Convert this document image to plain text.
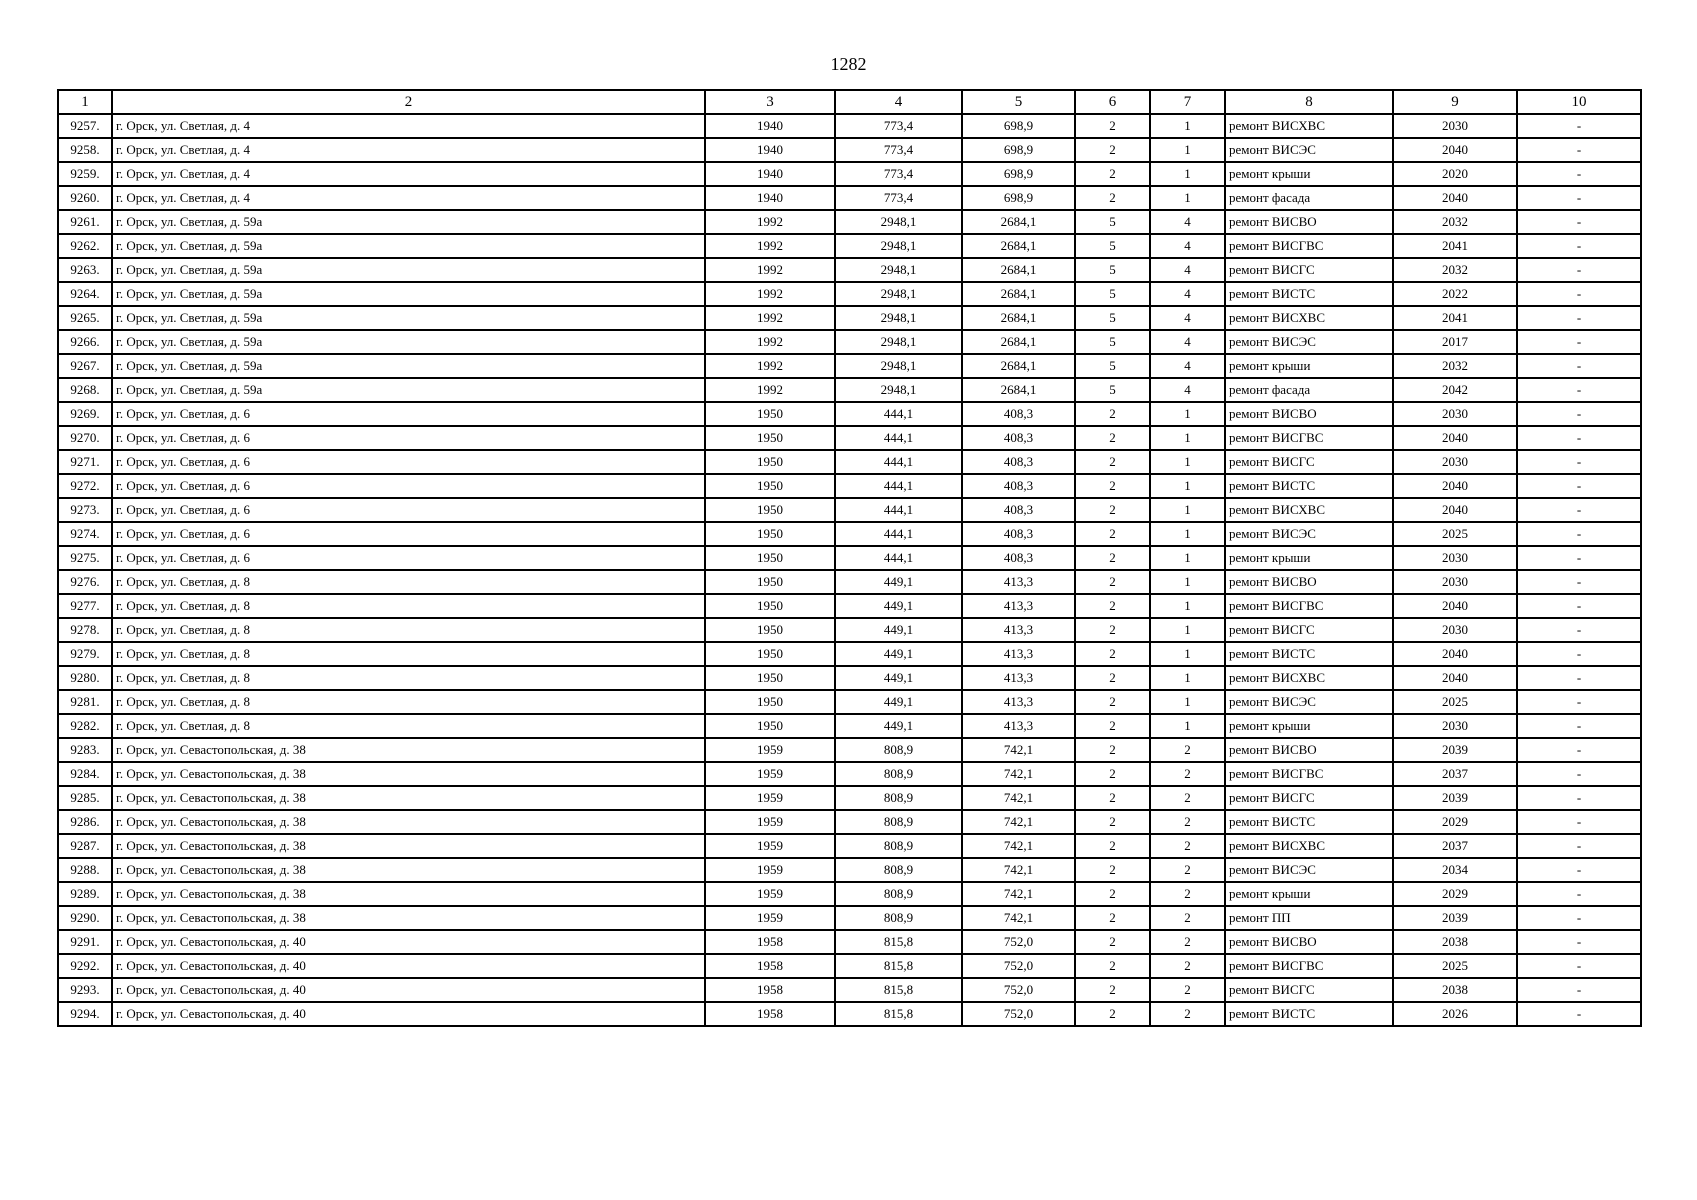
1282
1	2	3	4	5	6	7	8	9	10
9257.	г. Орск, ул. Светлая, д. 4	1940	773,4	698,9	2	1	ремонт ВИСХВС	2030	-
9258.	г. Орск, ул. Светлая, д. 4	1940	773,4	698,9	2	1	ремонт ВИСЭС	2040	-
9259.	г. Орск, ул. Светлая, д. 4	1940	773,4	698,9	2	1	ремонт крыши	2020	-
9260.	г. Орск, ул. Светлая, д. 4	1940	773,4	698,9	2	1	ремонт фасада	2040	-
9261.	г. Орск, ул. Светлая, д. 59а	1992	2948,1	2684,1	5	4	ремонт ВИСВО	2032	-
9262.	г. Орск, ул. Светлая, д. 59а	1992	2948,1	2684,1	5	4	ремонт ВИСГВС	2041	-
9263.	г. Орск, ул. Светлая, д. 59а	1992	2948,1	2684,1	5	4	ремонт ВИСГС	2032	-
9264.	г. Орск, ул. Светлая, д. 59а	1992	2948,1	2684,1	5	4	ремонт ВИСТС	2022	-
9265.	г. Орск, ул. Светлая, д. 59а	1992	2948,1	2684,1	5	4	ремонт ВИСХВС	2041	-
9266.	г. Орск, ул. Светлая, д. 59а	1992	2948,1	2684,1	5	4	ремонт ВИСЭС	2017	-
9267.	г. Орск, ул. Светлая, д. 59а	1992	2948,1	2684,1	5	4	ремонт крыши	2032	-
9268.	г. Орск, ул. Светлая, д. 59а	1992	2948,1	2684,1	5	4	ремонт фасада	2042	-
9269.	г. Орск, ул. Светлая, д. 6	1950	444,1	408,3	2	1	ремонт ВИСВО	2030	-
9270.	г. Орск, ул. Светлая, д. 6	1950	444,1	408,3	2	1	ремонт ВИСГВС	2040	-
9271.	г. Орск, ул. Светлая, д. 6	1950	444,1	408,3	2	1	ремонт ВИСГС	2030	-
9272.	г. Орск, ул. Светлая, д. 6	1950	444,1	408,3	2	1	ремонт ВИСТС	2040	-
9273.	г. Орск, ул. Светлая, д. 6	1950	444,1	408,3	2	1	ремонт ВИСХВС	2040	-
9274.	г. Орск, ул. Светлая, д. 6	1950	444,1	408,3	2	1	ремонт ВИСЭС	2025	-
9275.	г. Орск, ул. Светлая, д. 6	1950	444,1	408,3	2	1	ремонт крыши	2030	-
9276.	г. Орск, ул. Светлая, д. 8	1950	449,1	413,3	2	1	ремонт ВИСВО	2030	-
9277.	г. Орск, ул. Светлая, д. 8	1950	449,1	413,3	2	1	ремонт ВИСГВС	2040	-
9278.	г. Орск, ул. Светлая, д. 8	1950	449,1	413,3	2	1	ремонт ВИСГС	2030	-
9279.	г. Орск, ул. Светлая, д. 8	1950	449,1	413,3	2	1	ремонт ВИСТС	2040	-
9280.	г. Орск, ул. Светлая, д. 8	1950	449,1	413,3	2	1	ремонт ВИСХВС	2040	-
9281.	г. Орск, ул. Светлая, д. 8	1950	449,1	413,3	2	1	ремонт ВИСЭС	2025	-
9282.	г. Орск, ул. Светлая, д. 8	1950	449,1	413,3	2	1	ремонт крыши	2030	-
9283.	г. Орск, ул. Севастопольская, д. 38	1959	808,9	742,1	2	2	ремонт ВИСВО	2039	-
9284.	г. Орск, ул. Севастопольская, д. 38	1959	808,9	742,1	2	2	ремонт ВИСГВС	2037	-
9285.	г. Орск, ул. Севастопольская, д. 38	1959	808,9	742,1	2	2	ремонт ВИСГС	2039	-
9286.	г. Орск, ул. Севастопольская, д. 38	1959	808,9	742,1	2	2	ремонт ВИСТС	2029	-
9287.	г. Орск, ул. Севастопольская, д. 38	1959	808,9	742,1	2	2	ремонт ВИСХВС	2037	-
9288.	г. Орск, ул. Севастопольская, д. 38	1959	808,9	742,1	2	2	ремонт ВИСЭС	2034	-
9289.	г. Орск, ул. Севастопольская, д. 38	1959	808,9	742,1	2	2	ремонт крыши	2029	-
9290.	г. Орск, ул. Севастопольская, д. 38	1959	808,9	742,1	2	2	ремонт ПП	2039	-
9291.	г. Орск, ул. Севастопольская, д. 40	1958	815,8	752,0	2	2	ремонт ВИСВО	2038	-
9292.	г. Орск, ул. Севастопольская, д. 40	1958	815,8	752,0	2	2	ремонт ВИСГВС	2025	-
9293.	г. Орск, ул. Севастопольская, д. 40	1958	815,8	752,0	2	2	ремонт ВИСГС	2038	-
9294.	г. Орск, ул. Севастопольская, д. 40	1958	815,8	752,0	2	2	ремонт ВИСТС	2026	-
